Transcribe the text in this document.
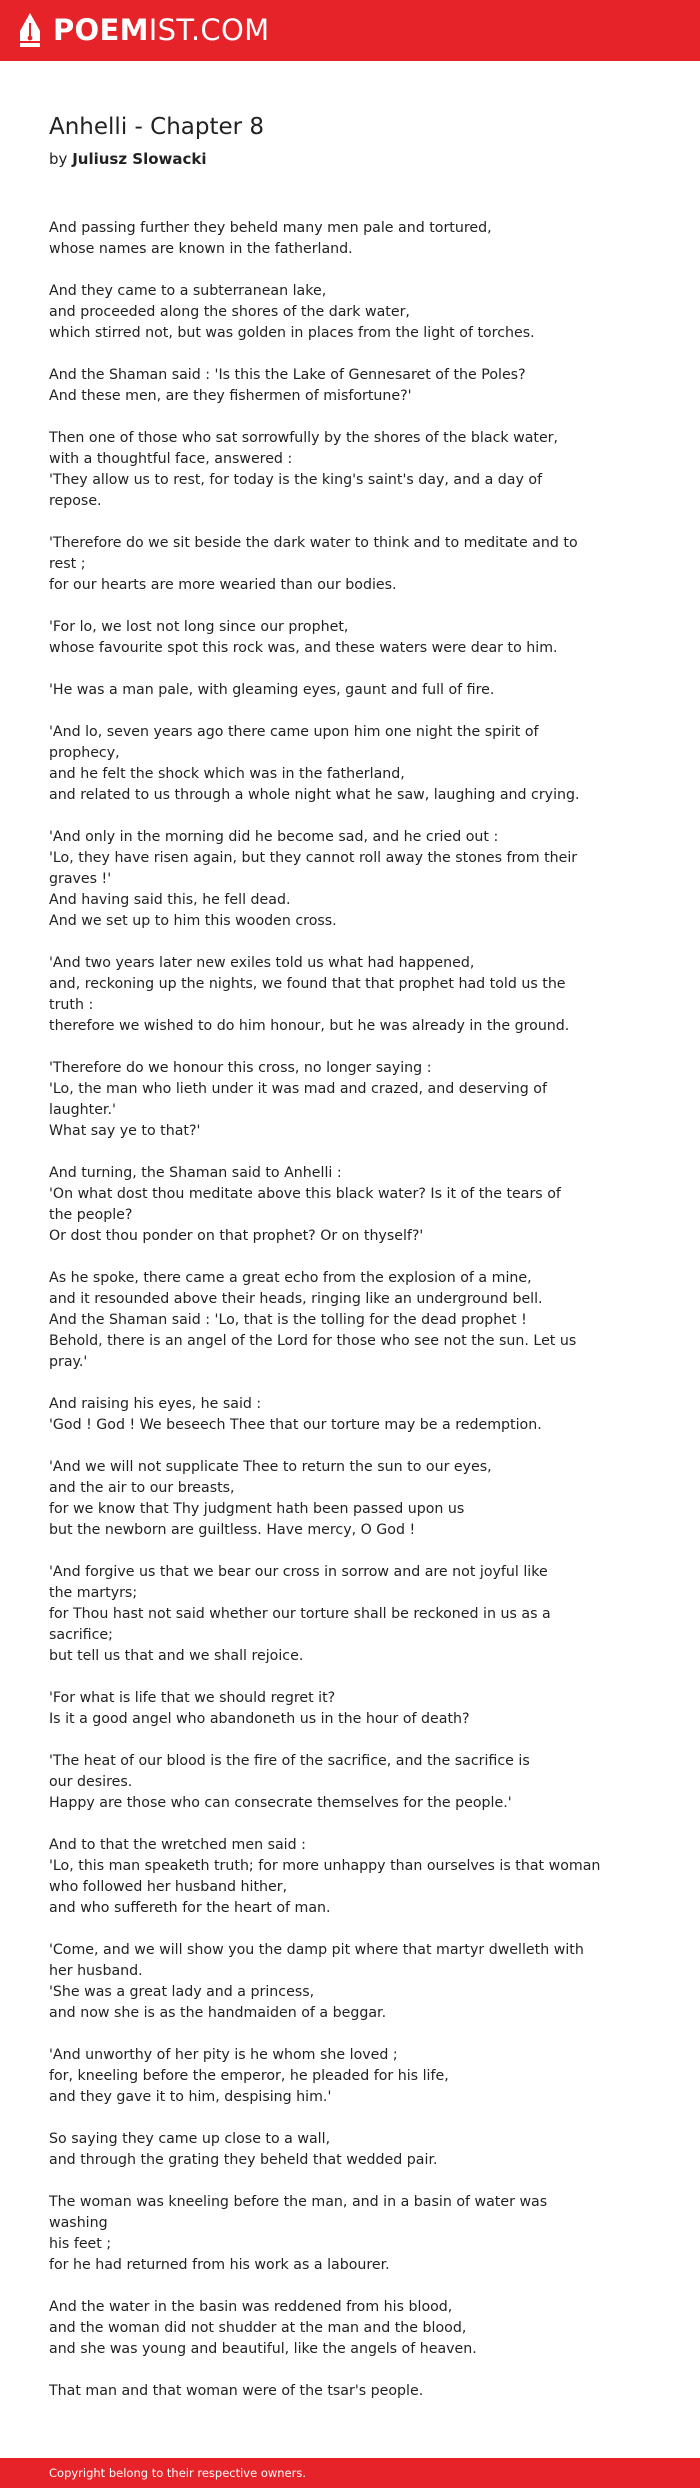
POEMIST.COM
Anhelli - Chapter 8
by Juliusz Slowacki

And passing further they beheld many men pale and tortured,
whose names are known in the fatherland.

And they came to a subterranean lake,
and proceeded along the shores of the dark water,
which stirred not, but was golden in places from the light of torches.

And the Shaman said : 'Is this the Lake of Gennesaret of the Poles?
And these men, are they fishermen of misfortune?'

Then one of those who sat sorrowfully by the shores of the black water,
with a thoughtful face, answered :
'They allow us to rest, for today is the king's saint's day, and a day of
repose.

'Therefore do we sit beside the dark water to think and to meditate and to
rest ;
for our hearts are more wearied than our bodies.

'For lo, we lost not long since our prophet,
whose favourite spot this rock was, and these waters were dear to him.

'He was a man pale, with gleaming eyes, gaunt and full of fire.

'And lo, seven years ago there came upon him one night the spirit of
prophecy,
and he felt the shock which was in the fatherland,
and related to us through a whole night what he saw, laughing and crying.

'And only in the morning did he become sad, and he cried out :
'Lo, they have risen again, but they cannot roll away the stones from their
graves !'
And having said this, he fell dead.
And we set up to him this wooden cross.

'And two years later new exiles told us what had happened,
and, reckoning up the nights, we found that that prophet had told us the
truth :
therefore we wished to do him honour, but he was already in the ground.

'Therefore do we honour this cross, no longer saying :
'Lo, the man who lieth under it was mad and crazed, and deserving of
laughter.'
What say ye to that?'

And turning, the Shaman said to Anhelli :
'On what dost thou meditate above this black water? Is it of the tears of
the people?
Or dost thou ponder on that prophet? Or on thyself?'

As he spoke, there came a great echo from the explosion of a mine,
and it resounded above their heads, ringing like an underground bell.
And the Shaman said : 'Lo, that is the tolling for the dead prophet !
Behold, there is an angel of the Lord for those who see not the sun. Let us
pray.'

And raising his eyes, he said :
'God ! God ! We beseech Thee that our torture may be a redemption.

'And we will not supplicate Thee to return the sun to our eyes,
and the air to our breasts,
for we know that Thy judgment hath been passed upon us
but the newborn are guiltless. Have mercy, O God !

'And forgive us that we bear our cross in sorrow and are not joyful like
the martyrs;
for Thou hast not said whether our torture shall be reckoned in us as a
sacrifice;
but tell us that and we shall rejoice.

'For what is life that we should regret it?
Is it a good angel who abandoneth us in the hour of death?

'The heat of our blood is the fire of the sacrifice, and the sacrifice is
our desires.
Happy are those who can consecrate themselves for the people.'

And to that the wretched men said :
'Lo, this man speaketh truth; for more unhappy than ourselves is that woman
who followed her husband hither,
and who suffereth for the heart of man.

'Come, and we will show you the damp pit where that martyr dwelleth with
her husband.
'She was a great lady and a princess,
and now she is as the handmaiden of a beggar.

'And unworthy of her pity is he whom she loved ;
for, kneeling before the emperor, he pleaded for his life,
and they gave it to him, despising him.'

So saying they came up close to a wall,
and through the grating they beheld that wedded pair.

The woman was kneeling before the man, and in a basin of water was washing
his feet ;
for he had returned from his work as a labourer.

And the water in the basin was reddened from his blood,
and the woman did not shudder at the man and the blood,
and she was young and beautiful, like the angels of heaven.

That man and that woman were of the tsar's people.

Copyright belong to their respective owners.
